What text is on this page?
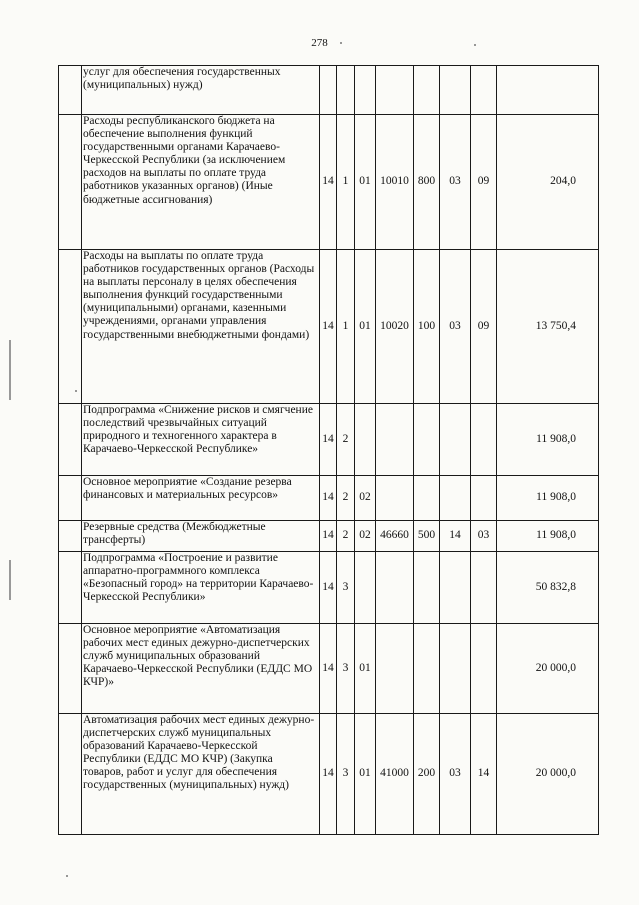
278
	услуг для обеспечения государственных (муниципальных) нужд)								
	Расходы республиканского бюджета на обеспечение выполнения функций государственными органами Карачаево-Черкесской Республики (за исключением расходов на выплаты по оплате труда работников указанных органов) (Иные бюджетные ассигнования)	14	1	01	10010	800	03	09	204,0
	Расходы на выплаты по оплате труда работников государственных органов (Расходы на выплаты персоналу в целях обеспечения выполнения функций государственными (муниципальными) органами, казенными учреждениями, органами управления государственными внебюджетными фондами)	14	1	01	10020	100	03	09	13 750,4
	Подпрограмма «Снижение рисков и смягчение последствий чрезвычайных ситуаций природного и техногенного характера в Карачаево-Черкесской Республике»	14	2						11 908,0
	Основное мероприятие «Создание резерва финансовых и материальных ресурсов»	14	2	02					11 908,0
	Резервные средства (Межбюджетные трансферты)	14	2	02	46660	500	14	03	11 908,0
	Подпрограмма «Построение и развитие аппаратно-программного комплекса «Безопасный город» на территории Карачаево-Черкесской Республики»	14	3						50 832,8
	Основное мероприятие «Автоматизация рабочих мест единых дежурно-диспетчерских служб муниципальных образований Карачаево-Черкесской Республики (ЕДДС МО КЧР)»	14	3	01					20 000,0
	Автоматизация рабочих мест единых дежурно-диспетчерских служб муниципальных образований Карачаево-Черкесской Республики (ЕДДС МО КЧР) (Закупка товаров, работ и услуг для обеспечения государственных (муниципальных) нужд)	14	3	01	41000	200	03	14	20 000,0
